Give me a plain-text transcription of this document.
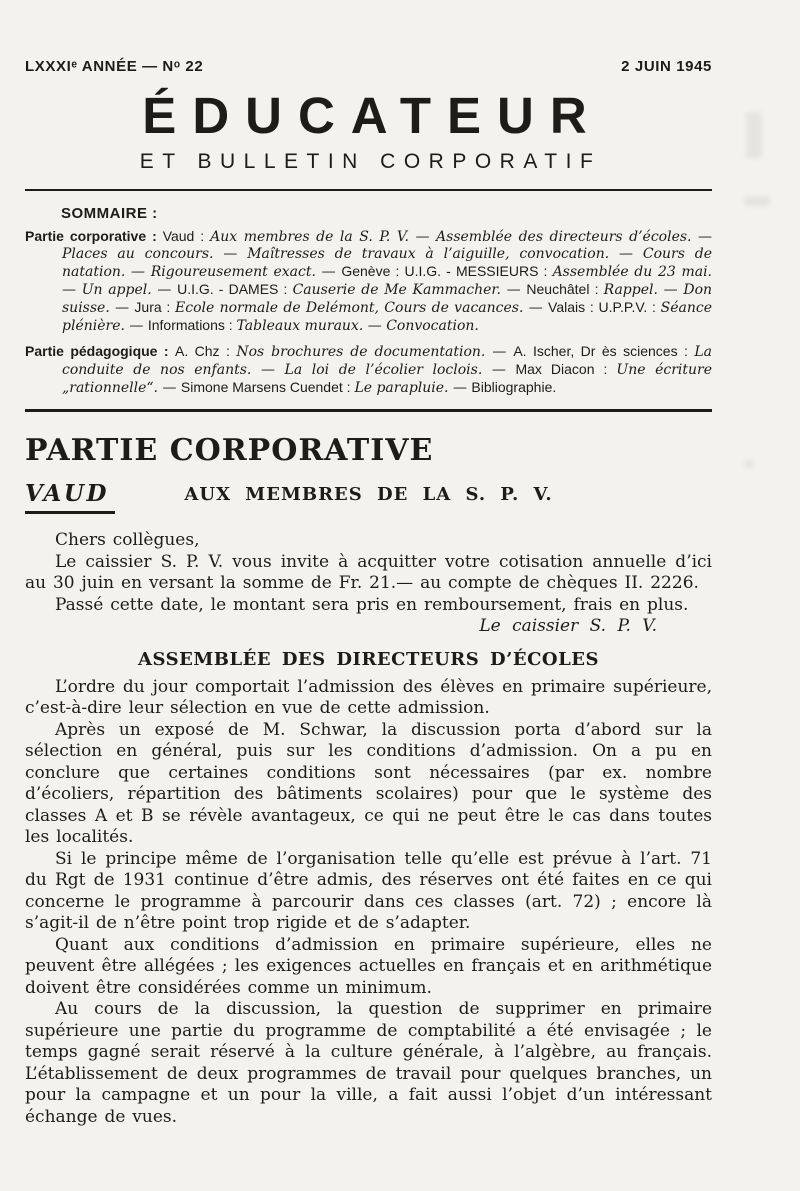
LXXXIᵉ ANNÉE — Nᵒ 22	2 JUIN 1945
ÉDUCATEUR
ET BULLETIN CORPORATIF
SOMMAIRE :

Partie corporative : Vaud : Aux membres de la S. P. V. — Assemblée des directeurs d’écoles. — Places au concours. — Maîtresses de travaux à l’aiguille, convocation. — Cours de natation. — Rigoureusement exact. — Genève : U.I.G. - MESSIEURS : Assemblée du 23 mai. — Un appel. — U.I.G. - DAMES : Causerie de Me Kammacher. — Neuchâtel : Rappel. — Don suisse. — Jura : Ecole normale de Delémont, Cours de vacances. — Valais : U.P.P.V. : Séance plénière. — Informations : Tableaux muraux. — Convocation.

Partie pédagogique : A. Chz : Nos brochures de documentation. — A. Ischer, Dr ès sciences : La conduite de nos enfants. — La loi de l’écolier loclois. — Max Diacon : Une écriture „rationnelle“. — Simone Marsens Cuendet : Le parapluie. — Bibliographie.

PARTIE CORPORATIVE
VAUD	AUX MEMBRES DE LA S. P. V.

Chers collègues,

Le caissier S. P. V. vous invite à acquitter votre cotisation annuelle d’ici au 30 juin en versant la somme de Fr. 21.— au compte de chèques II. 2226.

Passé cette date, le montant sera pris en remboursement, frais en plus.

Le caissier S. P. V.

ASSEMBLÉE DES DIRECTEURS D’ÉCOLES

L’ordre du jour comportait l’admission des élèves en primaire supérieure, c’est-à-dire leur sélection en vue de cette admission.

Après un exposé de M. Schwar, la discussion porta d’abord sur la sélection en général, puis sur les conditions d’admission. On a pu en conclure que certaines conditions sont nécessaires (par ex. nombre d’écoliers, répartition des bâtiments scolaires) pour que le système des classes A et B se révèle avantageux, ce qui ne peut être le cas dans toutes les localités.

Si le principe même de l’organisation telle qu’elle est prévue à l’art. 71 du Rgt de 1931 continue d’être admis, des réserves ont été faites en ce qui concerne le programme à parcourir dans ces classes (art. 72) ; encore là s’agit-il de n’être point trop rigide et de s’adapter.

Quant aux conditions d’admission en primaire supérieure, elles ne peuvent être allégées ; les exigences actuelles en français et en arithmétique doivent être considérées comme un minimum.

Au cours de la discussion, la question de supprimer en primaire supérieure une partie du programme de comptabilité a été envisagée ; le temps gagné serait réservé à la culture générale, à l’algèbre, au français. L’établissement de deux programmes de travail pour quelques branches, un pour la campagne et un pour la ville, a fait aussi l’objet d’un intéressant échange de vues.
